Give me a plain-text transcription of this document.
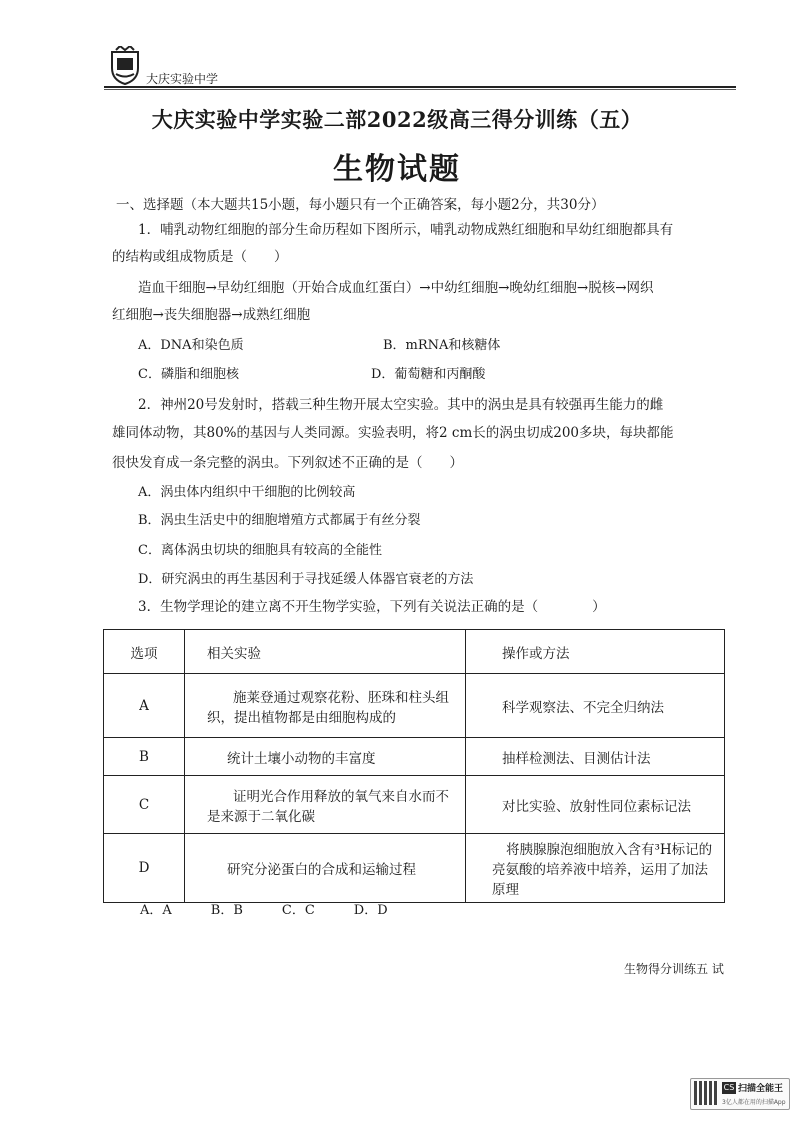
大庆实验中学
大庆实验中学实验二部2022级高三得分训练（五）
生物试题
一、选择题（本大题共15小题，每小题只有一个正确答案，每小题2分，共30分）
1．哺乳动物红细胞的部分生命历程如下图所示，哺乳动物成熟红细胞和早幼红细胞都具有
的结构或组成物质是（　　）
造血干细胞→早幼红细胞（开始合成血红蛋白）→中幼红细胞→晚幼红细胞→脱核→网织
红细胞→丧失细胞器→成熟红细胞
A．DNA和染色质	B．mRNA和核糖体
C．磷脂和细胞核	D．葡萄糖和丙酮酸
2．神州20号发射时，搭载三种生物开展太空实验。其中的涡虫是具有较强再生能力的雌
雄同体动物，其80%的基因与人类同源。实验表明，将2 cm长的涡虫切成200多块，每块都能
很快发育成一条完整的涡虫。下列叙述不正确的是（　　）
A．涡虫体内组织中干细胞的比例较高
B．涡虫生活史中的细胞增殖方式都属于有丝分裂
C．离体涡虫切块的细胞具有较高的全能性
D．研究涡虫的再生基因利于寻找延缓人体器官衰老的方法
3．生物学理论的建立离不开生物学实验，下列有关说法正确的是（　　　　）
选项	相关实验	操作或方法
A	施莱登通过观察花粉、胚珠和柱头组织，提出植物都是由细胞构成的	科学观察法、不完全归纳法
B	统计土壤小动物的丰富度	抽样检测法、目测估计法
C	证明光合作用释放的氧气来自水而不是来源于二氧化碳	对比实验、放射性同位素标记法
D	研究分泌蛋白的合成和运输过程	将胰腺腺泡细胞放入含有³H标记的亮氨酸的培养液中培养，运用了加法原理
A．A　　　B．B　　　C．C　　　D．D
生物得分训练五 试
CS 扫描全能王
3亿人都在用的扫描App
